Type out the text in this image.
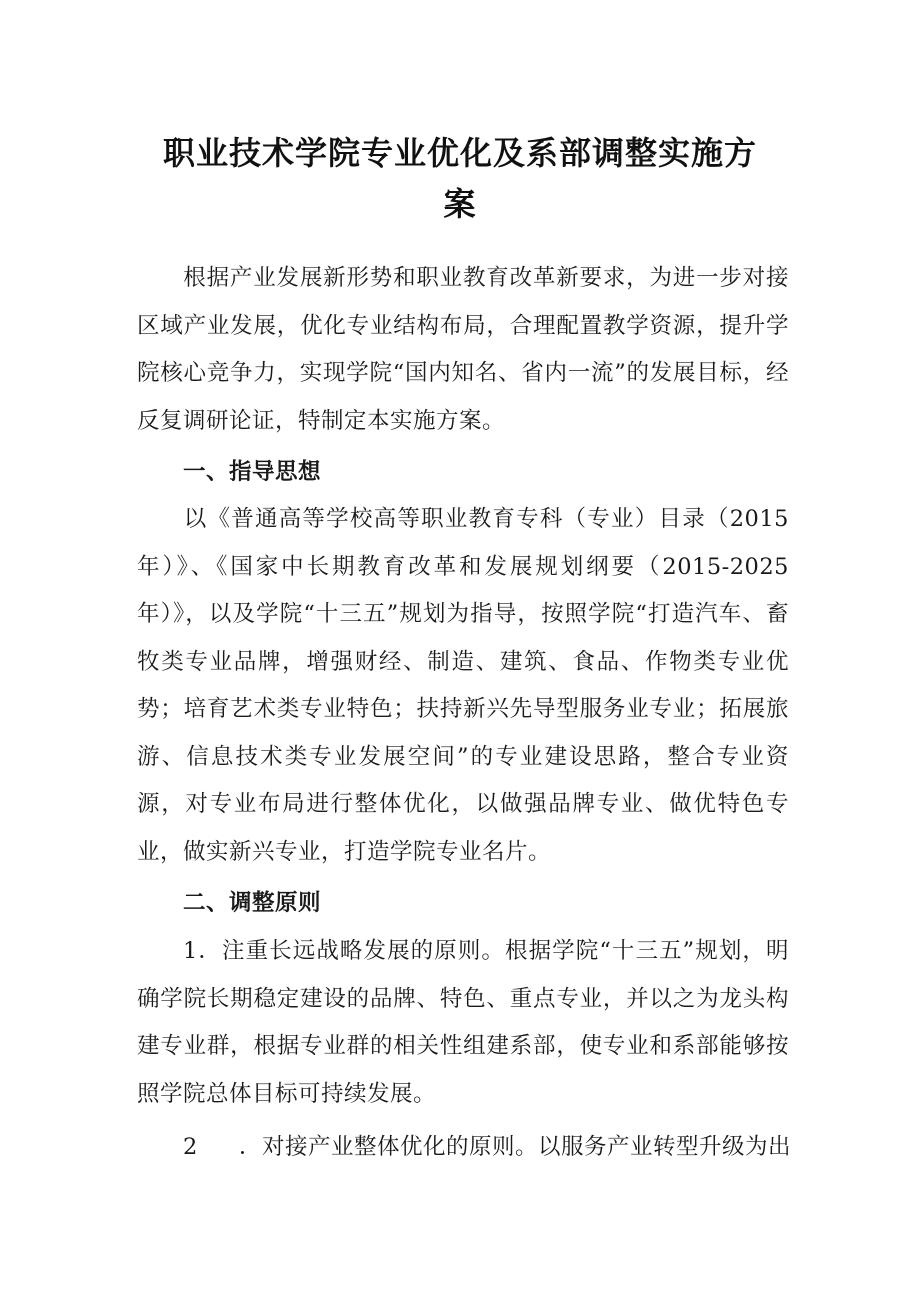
职业技术学院专业优化及系部调整实施方
案

根据产业发展新形势和职业教育改革新要求，为进一步对接区域产业发展，优化专业结构布局，合理配置教学资源，提升学院核心竞争力，实现学院“国内知名、省内一流”的发展目标，经反复调研论证，特制定本实施方案。

一、指导思想

以《普通高等学校高等职业教育专科（专业）目录（2015年）》、《国家中长期教育改革和发展规划纲要（2015-2025年）》，以及学院“十三五”规划为指导，按照学院“打造汽车、畜牧类专业品牌，增强财经、制造、建筑、食品、作物类专业优势；培育艺术类专业特色；扶持新兴先导型服务业专业；拓展旅游、信息技术类专业发展空间”的专业建设思路，整合专业资源，对专业布局进行整体优化，以做强品牌专业、做优特色专业，做实新兴专业，打造学院专业名片。

二、调整原则

1．注重长远战略发展的原则。根据学院“十三五”规划，明确学院长期稳定建设的品牌、特色、重点专业，并以之为龙头构建专业群，根据专业群的相关性组建系部，使专业和系部能够按照学院总体目标可持续发展。

2 ．对接产业整体优化的原则。以服务产业转型升级为出
